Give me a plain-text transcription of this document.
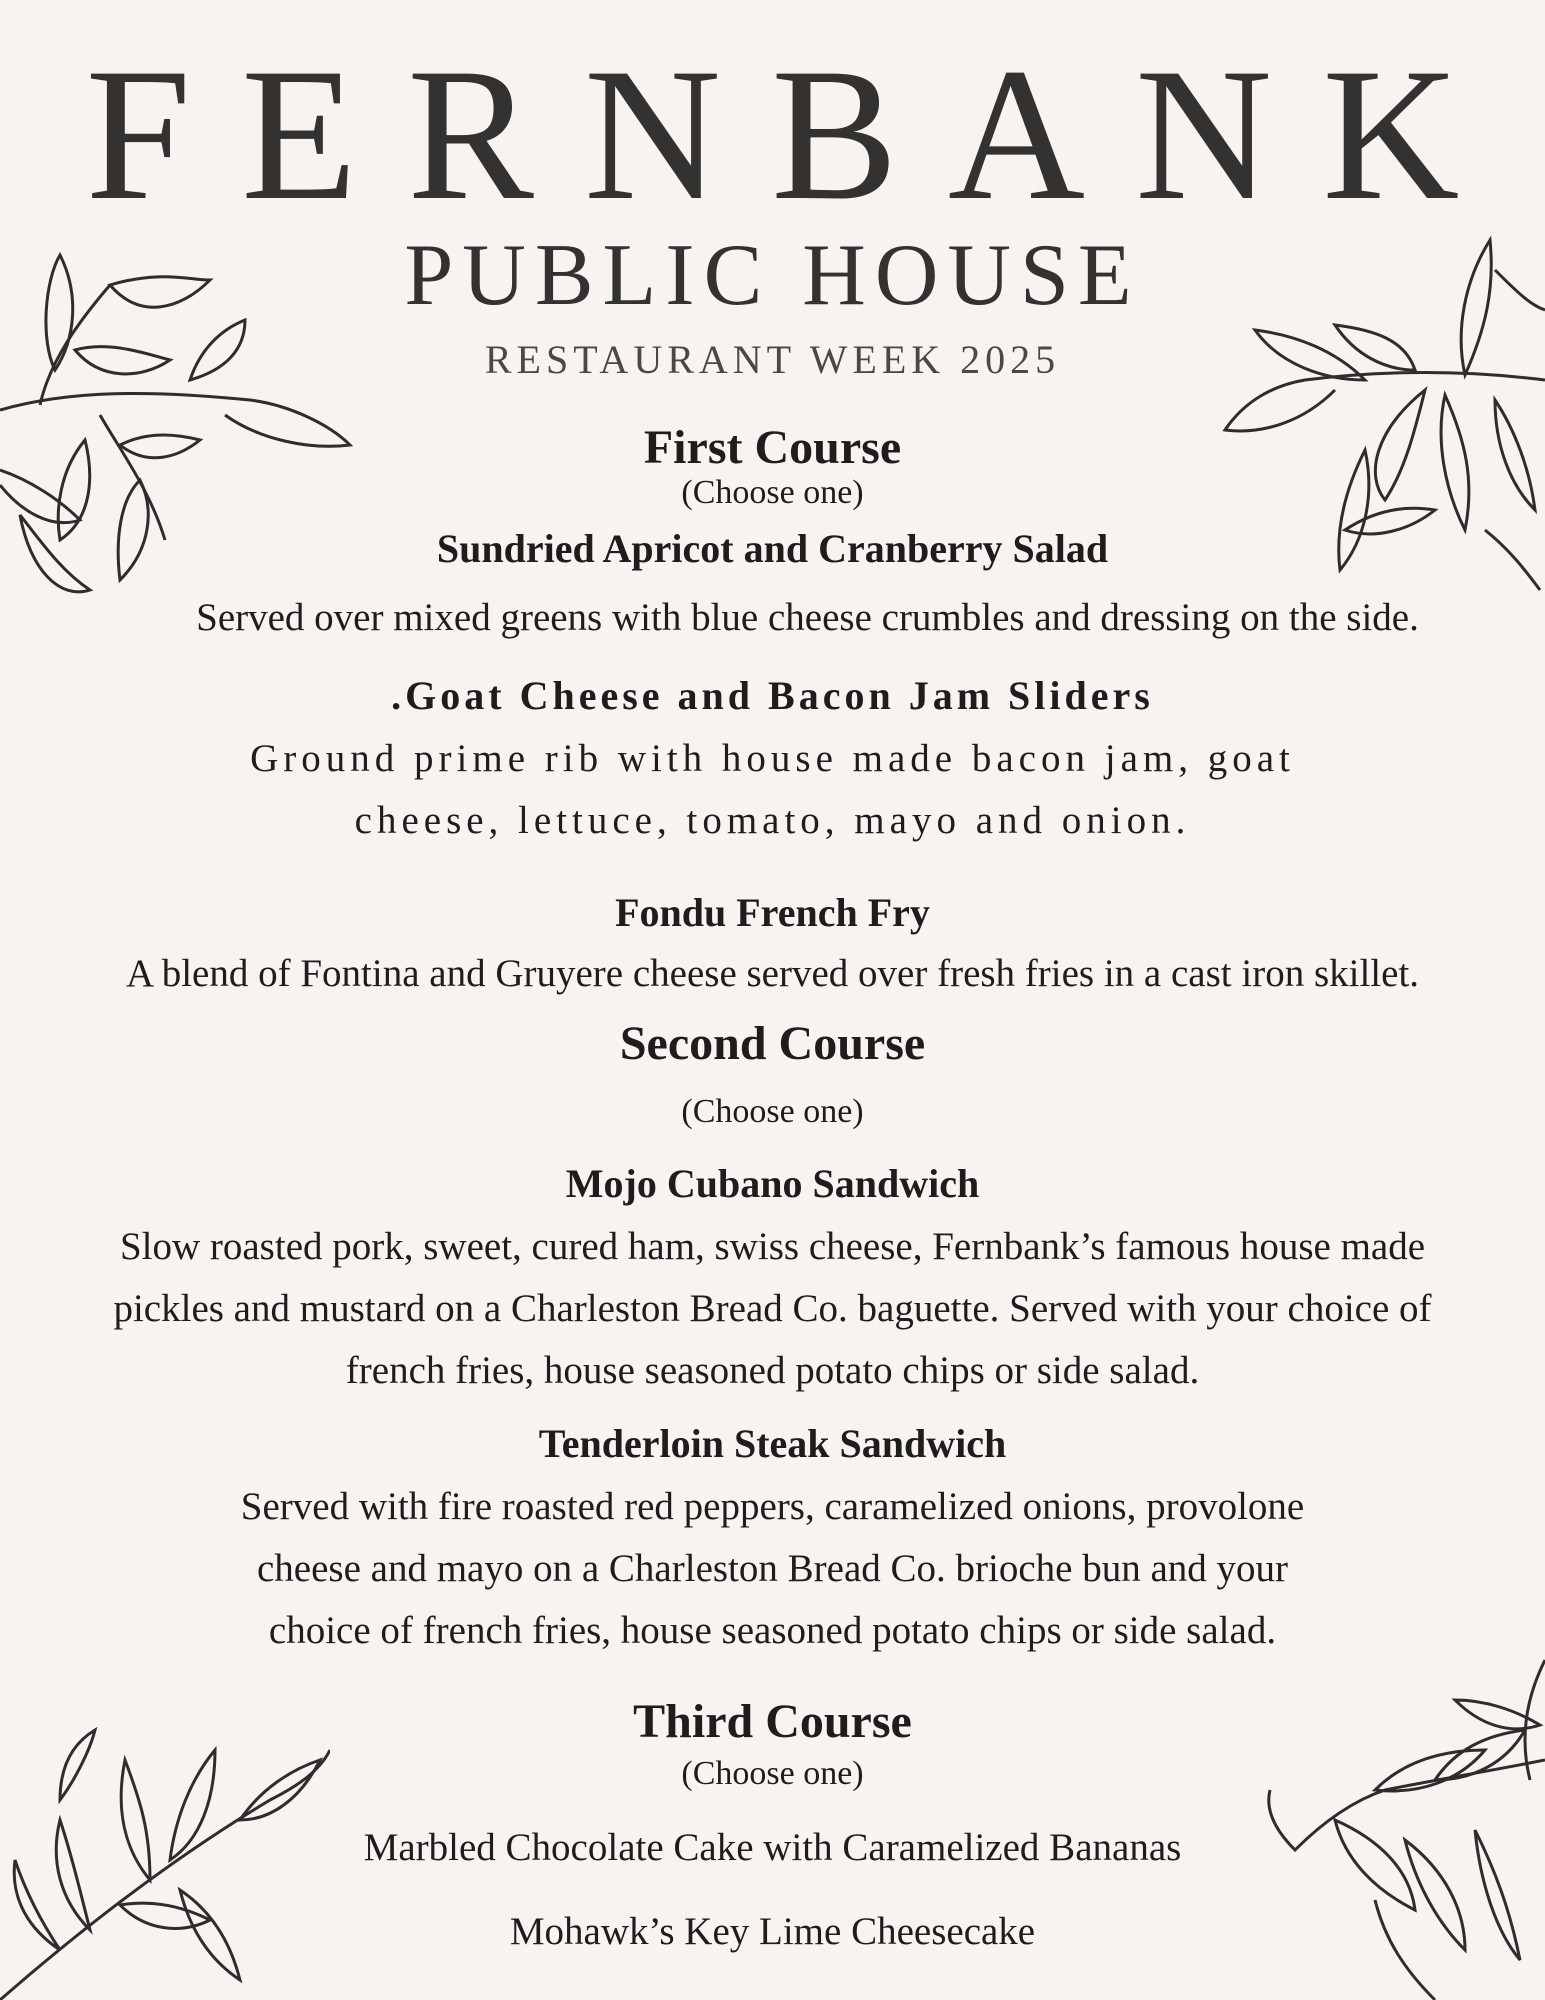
FERNBANK
PUBLIC HOUSE
RESTAURANT WEEK 2025
First Course
(Choose one)
Sundried Apricot and Cranberry Salad
Served over mixed greens with blue cheese crumbles and dressing on the side.
.Goat Cheese and Bacon Jam Sliders
Ground prime rib with house made bacon jam, goat
cheese, lettuce, tomato, mayo and onion.
Fondu French Fry
A blend of Fontina and Gruyere cheese served over fresh fries in a cast iron skillet.
Second Course
(Choose one)
Mojo Cubano Sandwich
Slow roasted pork, sweet, cured ham, swiss cheese, Fernbank’s famous house made
pickles and mustard on a Charleston Bread Co. baguette. Served with your choice of
french fries, house seasoned potato chips or side salad.
Tenderloin Steak Sandwich
Served with fire roasted red peppers, caramelized onions, provolone
cheese and mayo on a Charleston Bread Co. brioche bun and your
choice of french fries, house seasoned potato chips or side salad.
Third Course
(Choose one)
Marbled Chocolate Cake with Caramelized Bananas
Mohawk’s Key Lime Cheesecake
